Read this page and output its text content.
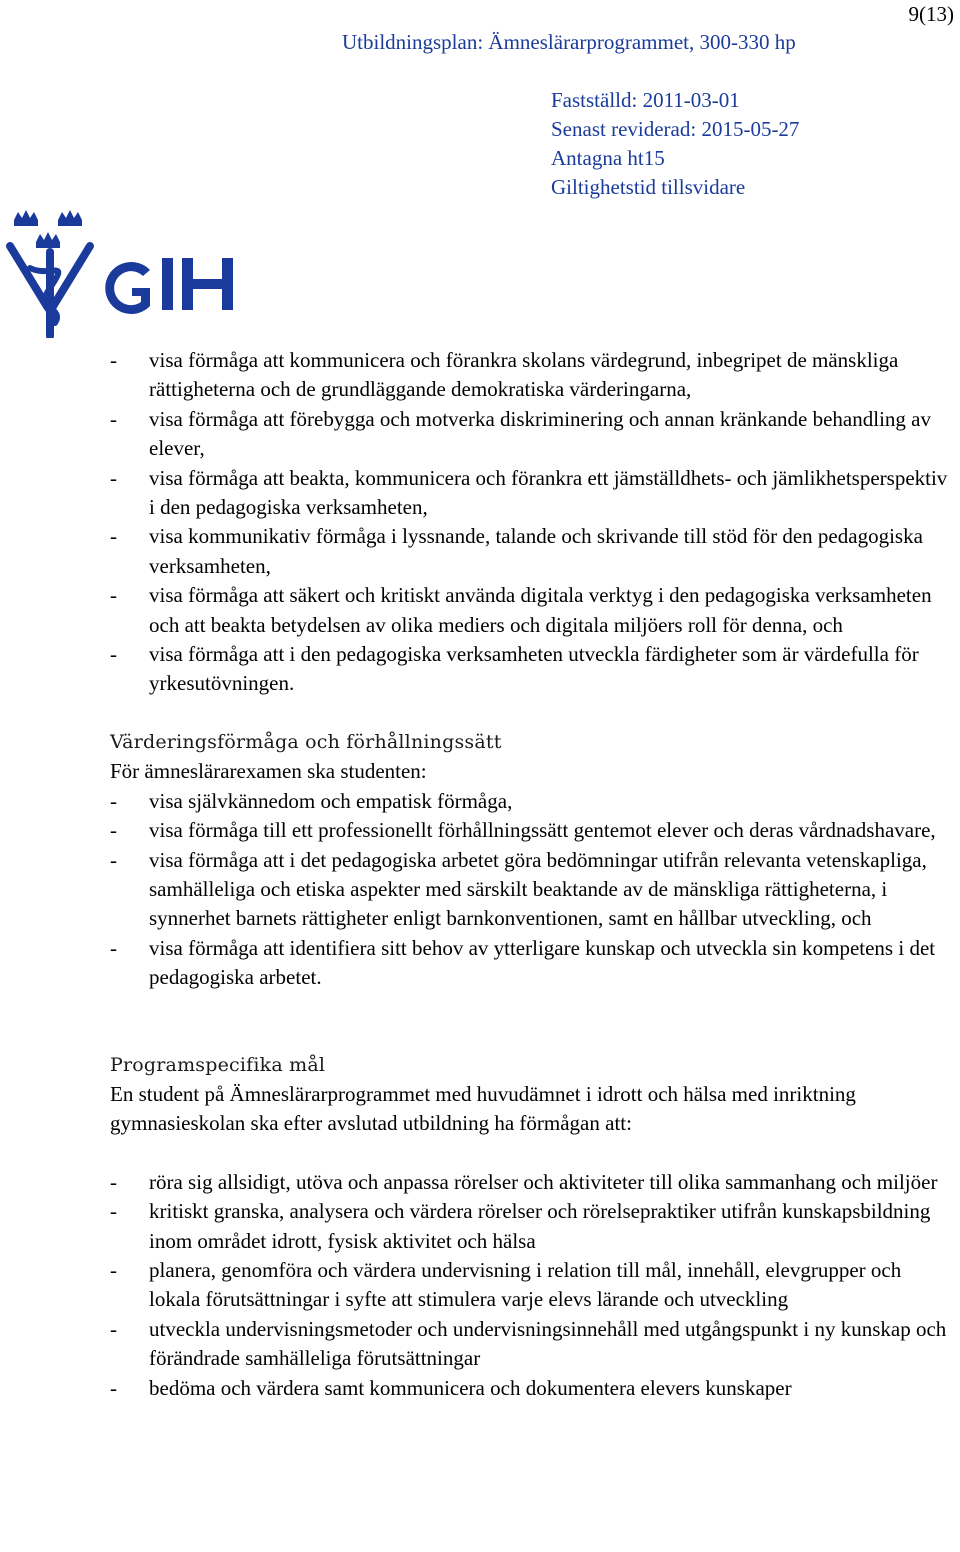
9(13)
Utbildningsplan: Ämneslärarprogrammet, 300-330 hp
Fastställd: 2011-03-01
Senast reviderad: 2015-05-27
Antagna ht15
Giltighetstid tillsvidare
- visa förmåga att kommunicera och förankra skolans värdegrund, inbegripet de mänskliga rättigheterna och de grundläggande demokratiska värderingarna,
- visa förmåga att förebygga och motverka diskriminering och annan kränkande behandling av elever,
- visa förmåga att beakta, kommunicera och förankra ett jämställdhets- och jämlikhetsperspektiv i den pedagogiska verksamheten,
- visa kommunikativ förmåga i lyssnande, talande och skrivande till stöd för den pedagogiska verksamheten,
- visa förmåga att säkert och kritiskt använda digitala verktyg i den pedagogiska verksamheten och att beakta betydelsen av olika mediers och digitala miljöers roll för denna, och
- visa förmåga att i den pedagogiska verksamheten utveckla färdigheter som är värdefulla för yrkesutövningen.
Värderingsförmåga och förhållningssätt
För ämneslärarexamen ska studenten:
- visa självkännedom och empatisk förmåga,
- visa förmåga till ett professionellt förhållningssätt gentemot elever och deras vårdnadshavare,
- visa förmåga att i det pedagogiska arbetet göra bedömningar utifrån relevanta vetenskapliga, samhälleliga och etiska aspekter med särskilt beaktande av de mänskliga rättigheterna, i synnerhet barnets rättigheter enligt barnkonventionen, samt en hållbar utveckling, och
- visa förmåga att identifiera sitt behov av ytterligare kunskap och utveckla sin kompetens i det pedagogiska arbetet.
Programspecifika mål
En student på Ämneslärarprogrammet med huvudämnet i idrott och hälsa med inriktning gymnasieskolan ska efter avslutad utbildning ha förmågan att:
- röra sig allsidigt, utöva och anpassa rörelser och aktiviteter till olika sammanhang och miljöer
- kritiskt granska, analysera och värdera rörelser och rörelsepraktiker utifrån kunskapsbildning inom området idrott, fysisk aktivitet och hälsa
- planera, genomföra och värdera undervisning i relation till mål, innehåll, elevgrupper och lokala förutsättningar i syfte att stimulera varje elevs lärande och utveckling
- utveckla undervisningsmetoder och undervisningsinnehåll med utgångspunkt i ny kunskap och förändrade samhälleliga förutsättningar
- bedöma och värdera samt kommunicera och dokumentera elevers kunskaper
